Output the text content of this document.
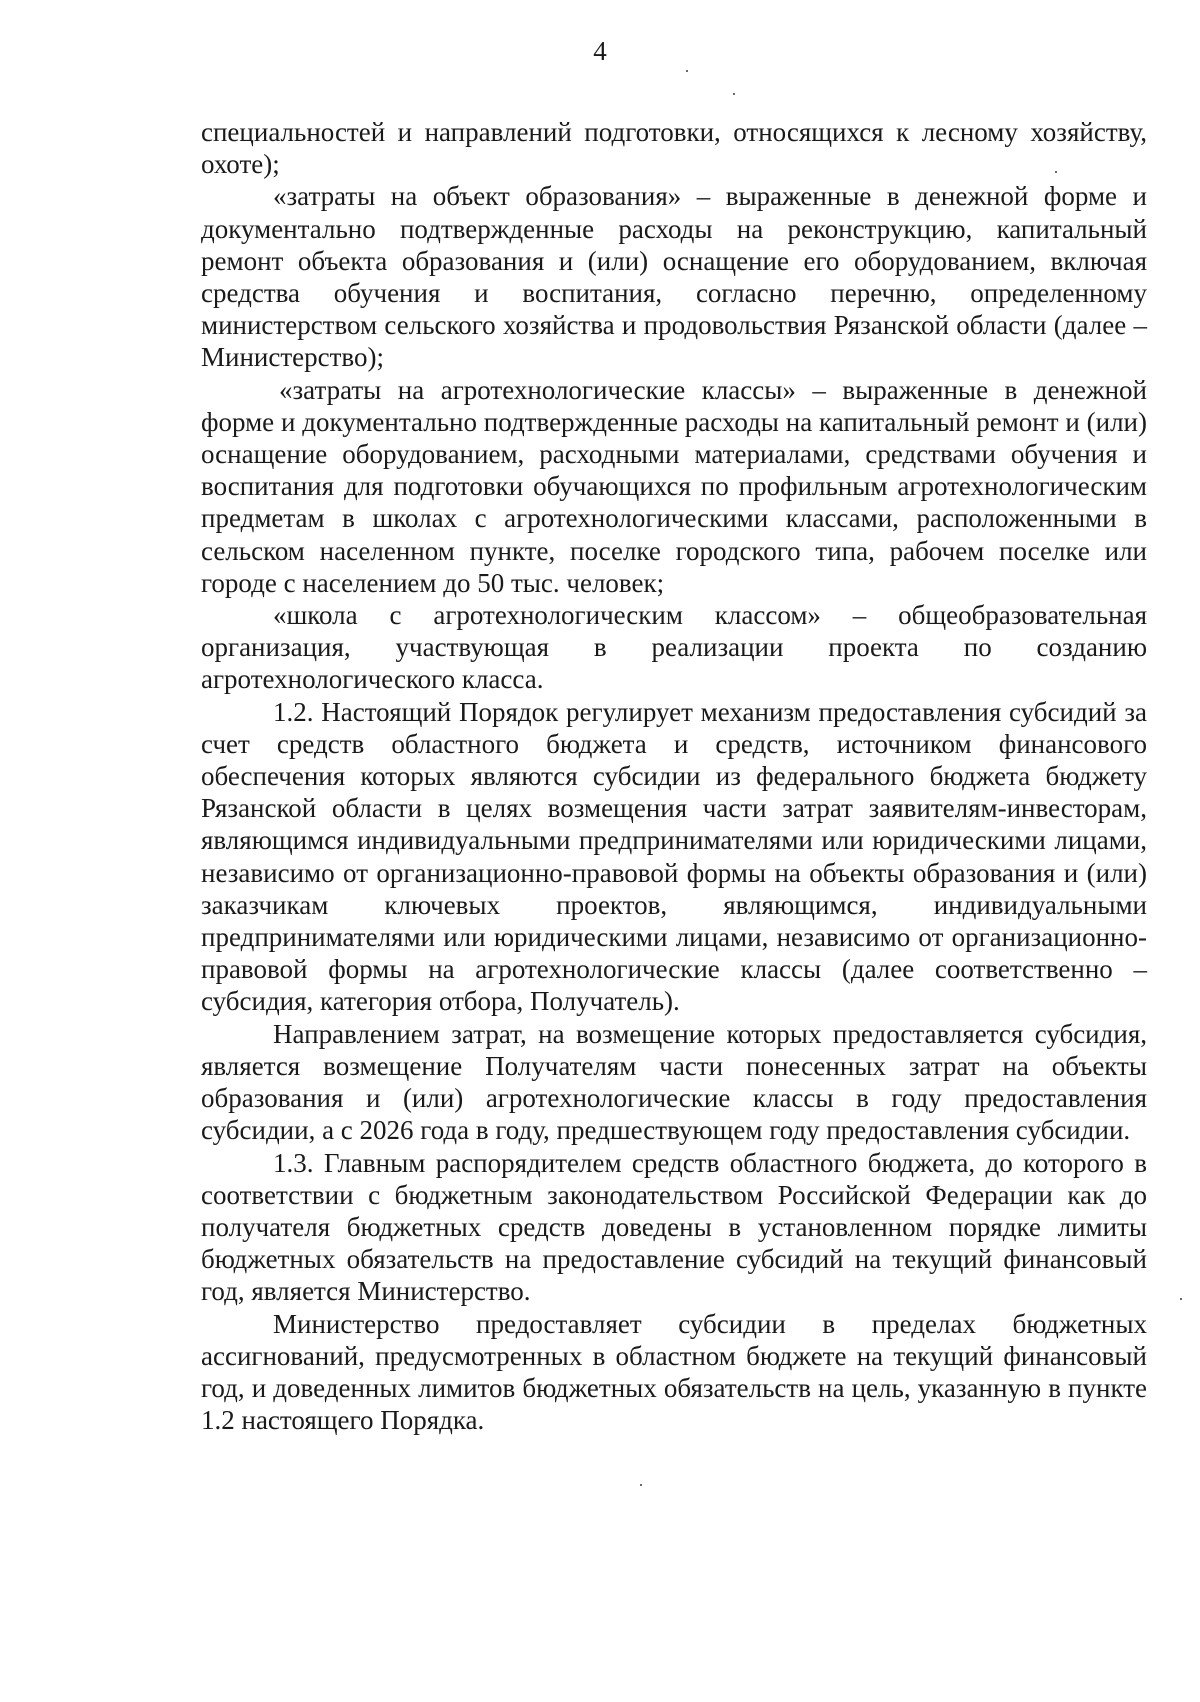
4

специальностей и направлений подготовки, относящихся к лесному хозяйству, охоте);

«затраты на объект образования» – выраженные в денежной форме и документально подтвержденные расходы на реконструкцию, капитальный ремонт объекта образования и (или) оснащение его оборудованием, включая средства обучения и воспитания, согласно перечню, определенному министерством сельского хозяйства и продовольствия Рязанской области (далее – Министерство);

«затраты на агротехнологические классы» – выраженные в денежной форме и документально подтвержденные расходы на капитальный ремонт и (или) оснащение оборудованием, расходными материалами, средствами обучения и воспитания для подготовки обучающихся по профильным агротехнологическим предметам в школах с агротехнологическими классами, расположенными в сельском населенном пункте, поселке городского типа, рабочем поселке или городе с населением до 50 тыс. человек;

«школа с агротехнологическим классом» – общеобразовательная организация, участвующая в реализации проекта по созданию агротехнологического класса.

1.2. Настоящий Порядок регулирует механизм предоставления субсидий за счет средств областного бюджета и средств, источником финансового обеспечения которых являются субсидии из федерального бюджета бюджету Рязанской области в целях возмещения части затрат заявителям-инвесторам, являющимся индивидуальными предпринимателями или юридическими лицами, независимо от организационно-правовой формы на объекты образования и (или) заказчикам ключевых проектов, являющимся, индивидуальными предпринимателями или юридическими лицами, независимо от организационно-правовой формы на агротехнологические классы (далее соответственно – субсидия, категория отбора, Получатель).

Направлением затрат, на возмещение которых предоставляется субсидия, является возмещение Получателям части понесенных затрат на объекты образования и (или) агротехнологические классы в году предоставления субсидии, а с 2026 года в году, предшествующем году предоставления субсидии.

1.3. Главным распорядителем средств областного бюджета, до которого в соответствии с бюджетным законодательством Российской Федерации как до получателя бюджетных средств доведены в установленном порядке лимиты бюджетных обязательств на предоставление субсидий на текущий финансовый год, является Министерство.

Министерство предоставляет субсидии в пределах бюджетных ассигнований, предусмотренных в областном бюджете на текущий финансовый год, и доведенных лимитов бюджетных обязательств на цель, указанную в пункте 1.2 настоящего Порядка.
